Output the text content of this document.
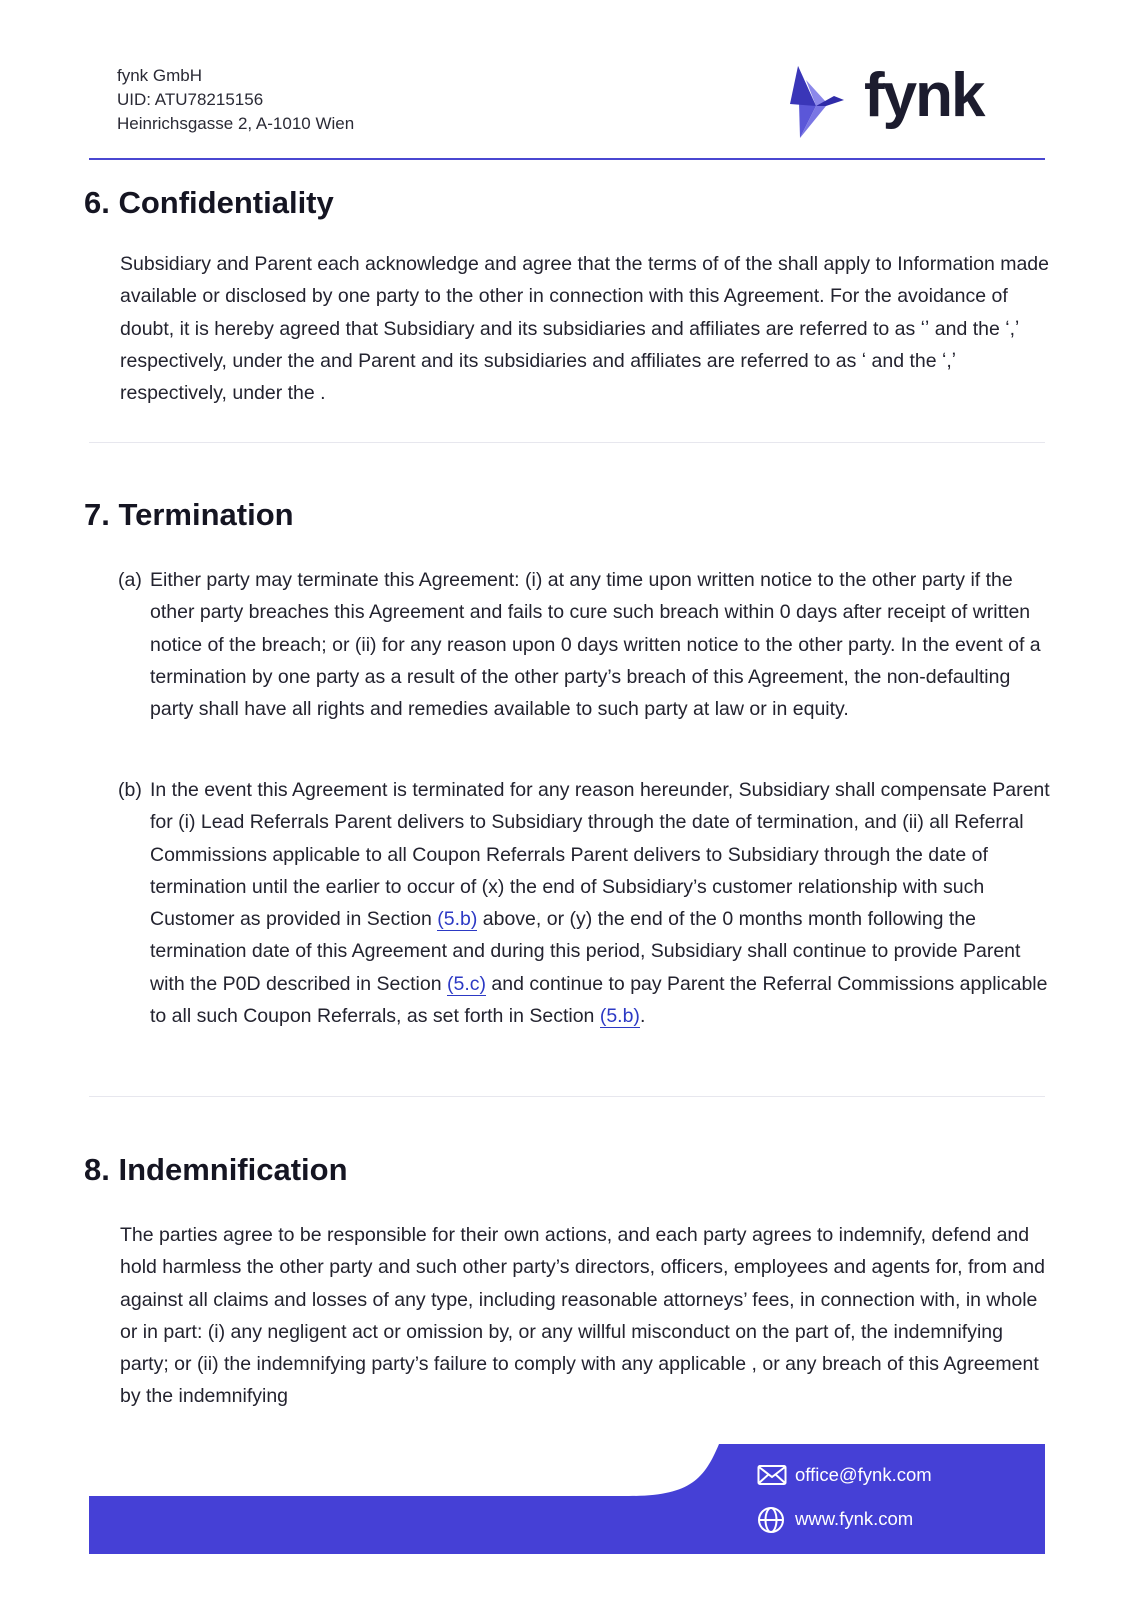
fynk GmbH
UID: ATU78215156
Heinrichsgasse 2, A-1010 Wien	fynk
6. Confidentiality
Subsidiary and Parent each acknowledge and agree that the terms of of the shall apply to Information made available or disclosed by one party to the other in connection with this Agreement. For the avoidance of doubt, it is hereby agreed that Subsidiary and its subsidiaries and affiliates are referred to as ʻʼ and the ʻ,ʼ respectively, under the and Parent and its subsidiaries and affiliates are referred to as ʻ and the ʻ,ʼ respectively, under the .
7. Termination
(a) Either party may terminate this Agreement: (i) at any time upon written notice to the other party if the other party breaches this Agreement and fails to cure such breach within 0 days after receipt of written notice of the breach; or (ii) for any reason upon 0 days written notice to the other party. In the event of a termination by one party as a result of the other party’s breach of this Agreement, the non-defaulting party shall have all rights and remedies available to such party at law or in equity.
(b) In the event this Agreement is terminated for any reason hereunder, Subsidiary shall compensate Parent for (i) Lead Referrals Parent delivers to Subsidiary through the date of termination, and (ii) all Referral Commissions applicable to all Coupon Referrals Parent delivers to Subsidiary through the date of termination until the earlier to occur of (x) the end of Subsidiary’s customer relationship with such Customer as provided in Section (5.b) above, or (y) the end of the 0 months month following the termination date of this Agreement and during this period, Subsidiary shall continue to provide Parent with the P0D described in Section (5.c) and continue to pay Parent the Referral Commissions applicable to all such Coupon Referrals, as set forth in Section (5.b).
8. Indemnification
The parties agree to be responsible for their own actions, and each party agrees to indemnify, defend and hold harmless the other party and such other party’s directors, officers, employees and agents for, from and against all claims and losses of any type, including reasonable attorneys’ fees, in connection with, in whole or in part: (i) any negligent act or omission by, or any willful misconduct on the part of, the indemnifying party; or (ii) the indemnifying party’s failure to comply with any applicable , or any breach of this Agreement by the indemnifying
office@fynk.com
www.fynk.com
